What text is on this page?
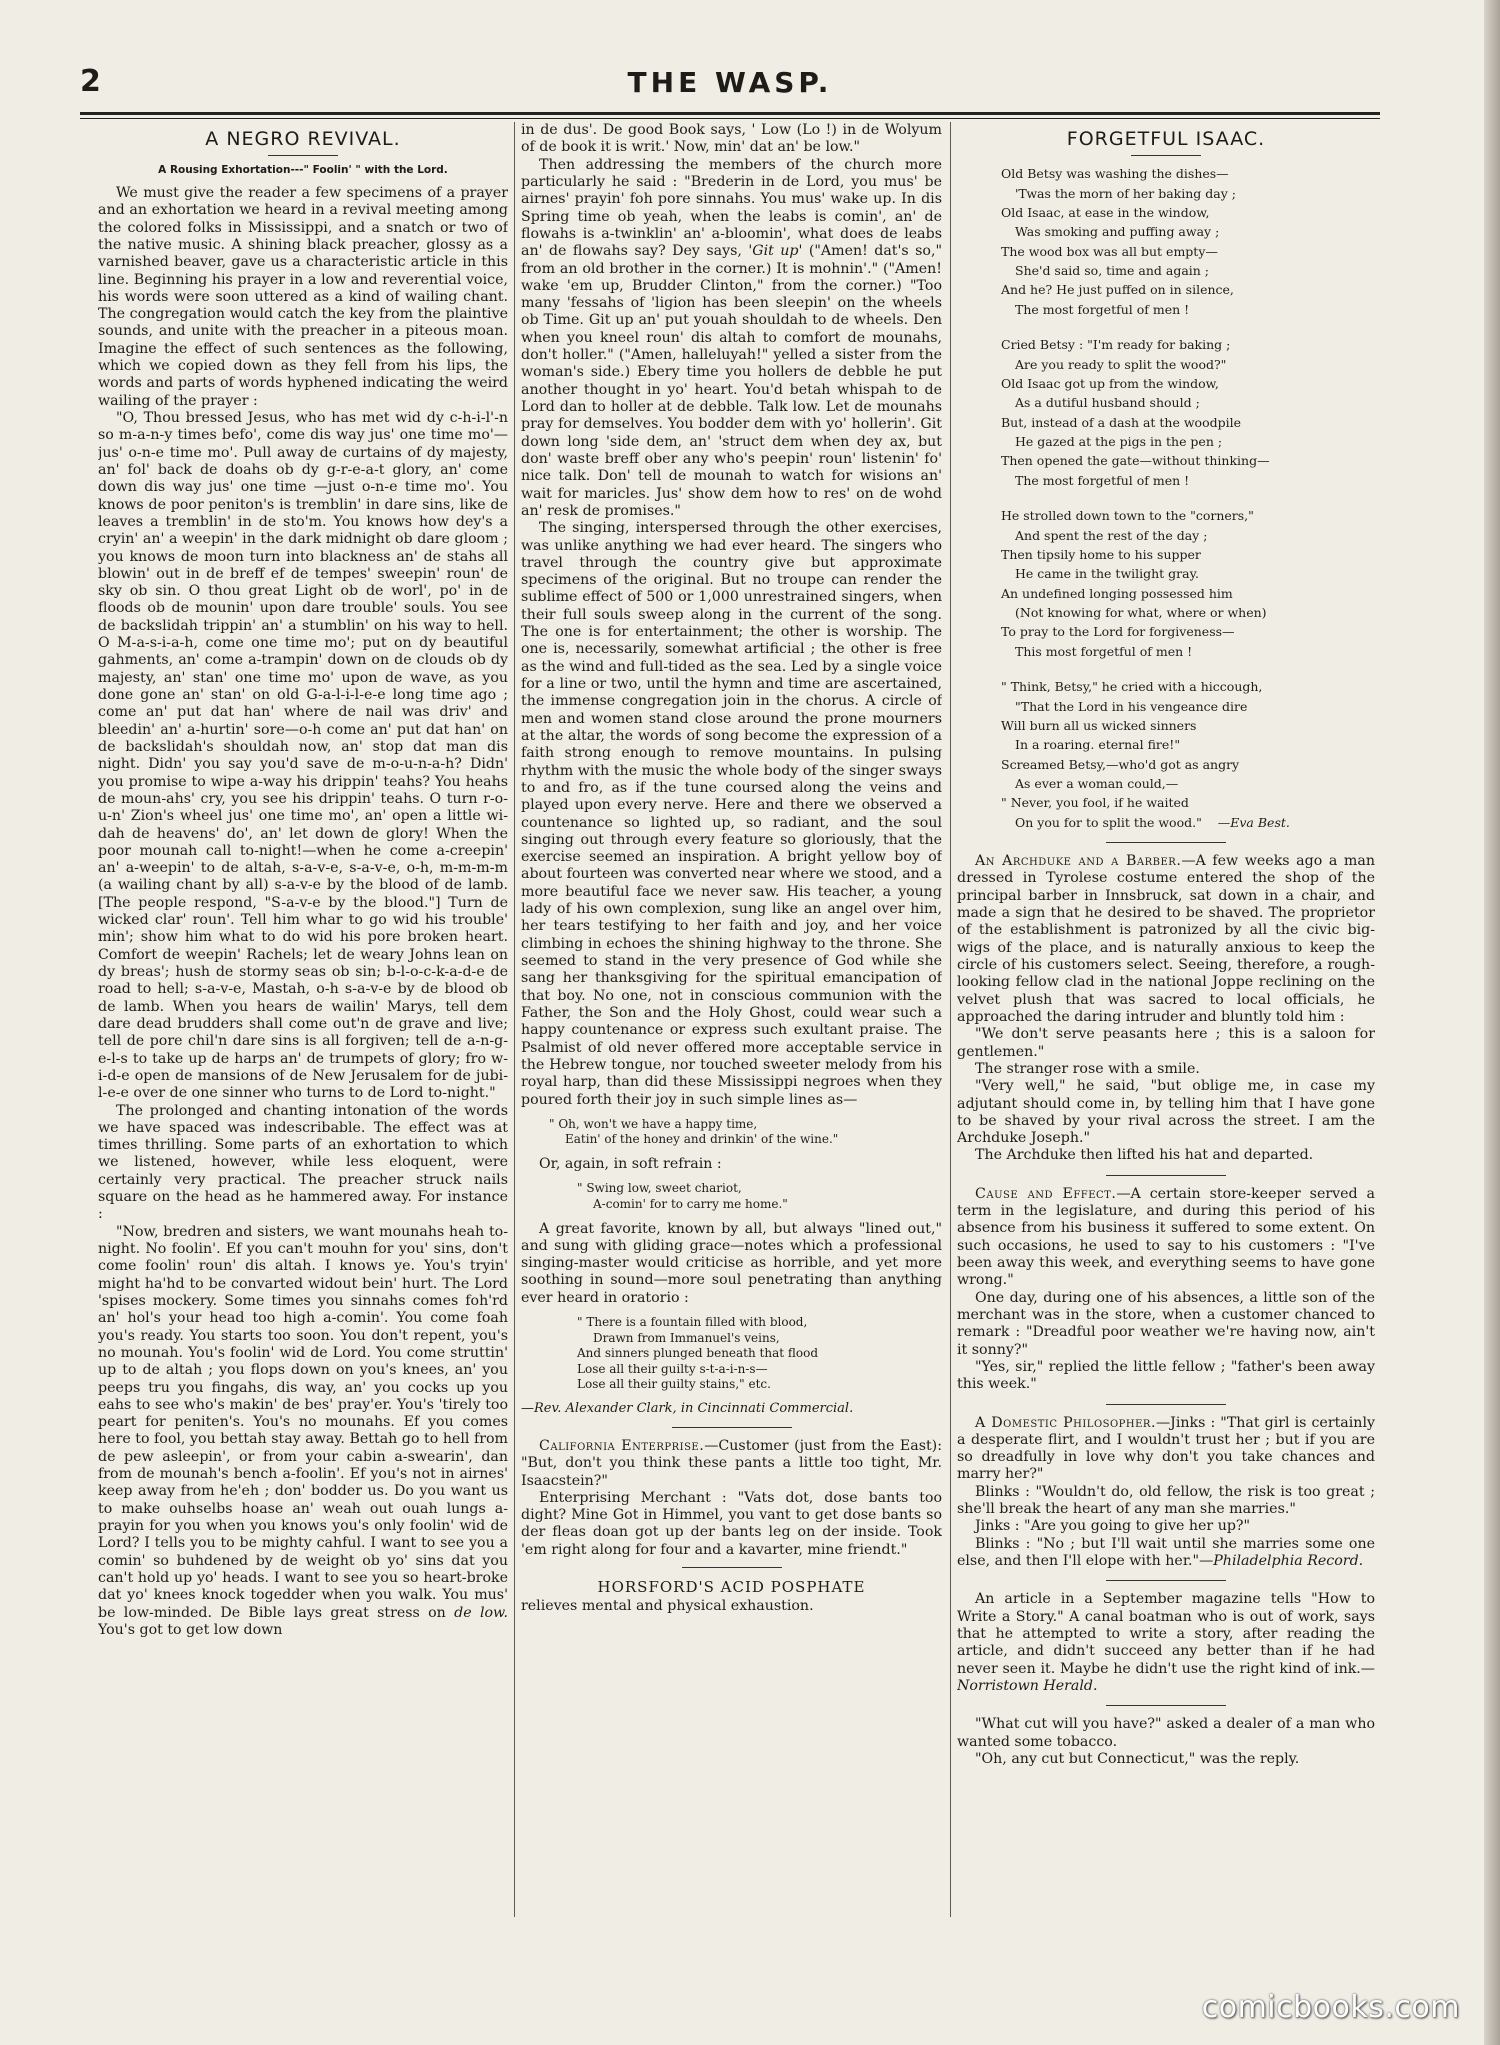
2	THE WASP.
A NEGRO REVIVAL.
A Rousing Exhortation---" Foolin' " with the Lord.

We must give the reader a few specimens of a prayer and an exhortation we heard in a revival meeting among the colored folks in Mississippi, and a snatch or two of the native music. A shining black preacher, glossy as a varnished beaver, gave us a characteristic article in this line. Beginning his prayer in a low and reverential voice, his words were soon uttered as a kind of wailing chant. The congregation would catch the key from the plaintive sounds, and unite with the preacher in a piteous moan. Imagine the effect of such sentences as the following, which we copied down as they fell from his lips, the words and parts of words hyphened indicating the weird wailing of the prayer :

"O, Thou bressed Jesus, who has met wid dy c-h-i-l'-n so m-a-n-y times befo', come dis way jus' one time mo'—jus' o-n-e time mo'. Pull away de curtains of dy majesty, an' fol' back de doahs ob dy g-r-e-a-t glory, an' come down dis way jus' one time —just o-n-e time mo'. You knows de poor peniton's is tremblin' in dare sins, like de leaves a tremblin' in de sto'm. You knows how dey's a cryin' an' a weepin' in the dark midnight ob dare gloom ; you knows de moon turn into blackness an' de stahs all blowin' out in de breff ef de tempes' sweepin' roun' de sky ob sin. O thou great Light ob de worl', po' in de floods ob de mounin' upon dare trouble' souls. You see de backslidah trippin' an' a stumblin' on his way to hell. O M-a-s-i-a-h, come one time mo'; put on dy beautiful gahments, an' come a-trampin' down on de clouds ob dy majesty, an' stan' one time mo' upon de wave, as you done gone an' stan' on old G-a-l-i-l-e-e long time ago ; come an' put dat han' where de nail was driv' and bleedin' an' a-hurtin' sore—o-h come an' put dat han' on de backslidah's shouldah now, an' stop dat man dis night. Didn' you say you'd save de m-o-u-n-a-h? Didn' you promise to wipe a-way his drippin' teahs? You heahs de moun-ahs' cry, you see his drippin' teahs. O turn r-o-u-n' Zion's wheel jus' one time mo', an' open a little wi-dah de heavens' do', an' let down de glory! When the poor mounah call to-night!—when he come a-creepin' an' a-weepin' to de altah, s-a-v-e, s-a-v-e, o-h, m-m-m-m (a wailing chant by all) s-a-v-e by the blood of de lamb. [The people respond, "S-a-v-e by the blood."] Turn de wicked clar' roun'. Tell him whar to go wid his trouble' min'; show him what to do wid his pore broken heart. Comfort de weepin' Rachels; let de weary Johns lean on dy breas'; hush de stormy seas ob sin; b-l-o-c-k-a-d-e de road to hell; s-a-v-e, Mastah, o-h s-a-v-e by de blood ob de lamb. When you hears de wailin' Marys, tell dem dare dead brudders shall come out'n de grave and live; tell de pore chil'n dare sins is all forgiven; tell de a-n-g-e-l-s to take up de harps an' de trumpets of glory; fro w-i-d-e open de mansions of de New Jerusalem for de jubi-l-e-e over de one sinner who turns to de Lord to-night."

The prolonged and chanting intonation of the words we have spaced was indescribable. The effect was at times thrilling. Some parts of an exhortation to which we listened, however, while less eloquent, were certainly very practical. The preacher struck nails square on the head as he hammered away. For instance :

"Now, bredren and sisters, we want mounahs heah to-night. No foolin'. Ef you can't mouhn for you' sins, don't come foolin' roun' dis altah. I knows ye. You's tryin' might ha'hd to be convarted widout bein' hurt. The Lord 'spises mockery. Some times you sinnahs comes foh'rd an' hol's your head too high a-comin'. You come foah you's ready. You starts too soon. You don't repent, you's no mounah. You's foolin' wid de Lord. You come struttin' up to de altah ; you flops down on you's knees, an' you peeps tru you fingahs, dis way, an' you cocks up you eahs to see who's makin' de bes' pray'er. You's 'tirely too peart for peniten's. You's no mounahs. Ef you comes here to fool, you bettah stay away. Bettah go to hell from de pew asleepin', or from your cabin a-swearin', dan from de mounah's bench a-foolin'. Ef you's not in airnes' keep away from he'eh ; don' bodder us. Do you want us to make ouhselbs hoase an' weah out ouah lungs a-prayin for you when you knows you's only foolin' wid de Lord? I tells you to be mighty cahful. I want to see you a comin' so buhdened by de weight ob yo' sins dat you can't hold up yo' heads. I want to see you so heart-broke dat yo' knees knock togedder when you walk. You mus' be low-minded. De Bible lays great stress on de low. You's got to get low down

in de dus'. De good Book says, ' Low (Lo !) in de Wolyum of de book it is writ.' Now, min' dat an' be low."

Then addressing the members of the church more particularly he said : "Brederin in de Lord, you mus' be airnes' prayin' foh pore sinnahs. You mus' wake up. In dis Spring time ob yeah, when the leabs is comin', an' de flowahs is a-twinklin' an' a-bloomin', what does de leabs an' de flowahs say? Dey says, 'Git up' ("Amen! dat's so," from an old brother in the corner.) It is mohnin'." ("Amen! wake 'em up, Brudder Clinton," from the corner.) "Too many 'fessahs of 'ligion has been sleepin' on the wheels ob Time. Git up an' put youah shouldah to de wheels. Den when you kneel roun' dis altah to comfort de mounahs, don't holler." ("Amen, halleluyah!" yelled a sister from the woman's side.) Ebery time you hollers de debble he put another thought in yo' heart. You'd betah whispah to de Lord dan to holler at de debble. Talk low. Let de mounahs pray for demselves. You bodder dem with yo' hollerin'. Git down long 'side dem, an' 'struct dem when dey ax, but don' waste breff ober any who's peepin' roun' listenin' fo' nice talk. Don' tell de mounah to watch for wisions an' wait for maricles. Jus' show dem how to res' on de wohd an' resk de promises."

The singing, interspersed through the other exercises, was unlike anything we had ever heard. The singers who travel through the country give but approximate specimens of the original. But no troupe can render the sublime effect of 500 or 1,000 unrestrained singers, when their full souls sweep along in the current of the song. The one is for entertainment; the other is worship. The one is, necessarily, somewhat artificial ; the other is free as the wind and full-tided as the sea. Led by a single voice for a line or two, until the hymn and time are ascertained, the immense congregation join in the chorus. A circle of men and women stand close around the prone mourners at the altar, the words of song become the expression of a faith strong enough to remove mountains. In pulsing rhythm with the music the whole body of the singer sways to and fro, as if the tune coursed along the veins and played upon every nerve. Here and there we observed a countenance so lighted up, so radiant, and the soul singing out through every feature so gloriously, that the exercise seemed an inspiration. A bright yellow boy of about fourteen was converted near where we stood, and a more beautiful face we never saw. His teacher, a young lady of his own complexion, sung like an angel over him, her tears testifying to her faith and joy, and her voice climbing in echoes the shining highway to the throne. She seemed to stand in the very presence of God while she sang her thanksgiving for the spiritual emancipation of that boy. No one, not in conscious communion with the Father, the Son and the Holy Ghost, could wear such a happy countenance or express such exultant praise. The Psalmist of old never offered more acceptable service in the Hebrew tongue, nor touched sweeter melody from his royal harp, than did these Mississippi negroes when they poured forth their joy in such simple lines as—

" Oh, won't we have a happy time,
Eatin' of the honey and drinkin' of the wine."

Or, again, in soft refrain :

" Swing low, sweet chariot,
A-comin' for to carry me home."

A great favorite, known by all, but always "lined out," and sung with gliding grace—notes which a professional singing-master would criticise as horrible, and yet more soothing in sound—more soul penetrating than anything ever heard in oratorio :

" There is a fountain filled with blood,
Drawn from Immanuel's veins,
And sinners plunged beneath that flood
Lose all their guilty s-t-a-i-n-s—
Lose all their guilty stains," etc.
—Rev. Alexander Clark, in Cincinnati Commercial.

California Enterprise.—Customer (just from the East): "But, don't you think these pants a little too tight, Mr. Isaacstein?"

Enterprising Merchant : "Vats dot, dose bants too dight? Mine Got in Himmel, you vant to get dose bants so der fleas doan got up der bants leg on der inside. Took 'em right along for four and a kavarter, mine friendt."

HORSFORD'S ACID POSPHATE
relieves mental and physical exhaustion.
FORGETFUL ISAAC.
Old Betsy was washing the dishes—
'Twas the morn of her baking day ;
Old Isaac, at ease in the window,
Was smoking and puffing away ;
The wood box was all but empty—
She'd said so, time and again ;
And he? He just puffed on in silence,
The most forgetful of men !
Cried Betsy : "I'm ready for baking ;
Are you ready to split the wood?"
Old Isaac got up from the window,
As a dutiful husband should ;
But, instead of a dash at the woodpile
He gazed at the pigs in the pen ;
Then opened the gate—without thinking—
The most forgetful of men !
He strolled down town to the "corners,"
And spent the rest of the day ;
Then tipsily home to his supper
He came in the twilight gray.
An undefined longing possessed him
(Not knowing for what, where or when)
To pray to the Lord for forgiveness—
This most forgetful of men !
" Think, Betsy," he cried with a hiccough,
"That the Lord in his vengeance dire
Will burn all us wicked sinners
In a roaring. eternal fire!"
Screamed Betsy,—who'd got as angry
As ever a woman could,—
" Never, you fool, if he waited
On you for to split the wood." —Eva Best.

An Archduke and a Barber.—A few weeks ago a man dressed in Tyrolese costume entered the shop of the principal barber in Innsbruck, sat down in a chair, and made a sign that he desired to be shaved. The proprietor of the establishment is patronized by all the civic big-wigs of the place, and is naturally anxious to keep the circle of his customers select. Seeing, therefore, a rough-looking fellow clad in the national Joppe reclining on the velvet plush that was sacred to local officials, he approached the daring intruder and bluntly told him :

"We don't serve peasants here ; this is a saloon for gentlemen."

The stranger rose with a smile.

"Very well," he said, "but oblige me, in case my adjutant should come in, by telling him that I have gone to be shaved by your rival across the street. I am the Archduke Joseph."

The Archduke then lifted his hat and departed.

Cause and Effect.—A certain store-keeper served a term in the legislature, and during this period of his absence from his business it suffered to some extent. On such occasions, he used to say to his customers : "I've been away this week, and everything seems to have gone wrong."

One day, during one of his absences, a little son of the merchant was in the store, when a customer chanced to remark : "Dreadful poor weather we're having now, ain't it sonny?"

"Yes, sir," replied the little fellow ; "father's been away this week."

A Domestic Philosopher.—Jinks : "That girl is certainly a desperate flirt, and I wouldn't trust her ; but if you are so dreadfully in love why don't you take chances and marry her?"

Blinks : "Wouldn't do, old fellow, the risk is too great ; she'll break the heart of any man she marries."

Jinks : "Are you going to give her up?"

Blinks : "No ; but I'll wait until she marries some one else, and then I'll elope with her."—Philadelphia Record.

An article in a September magazine tells "How to Write a Story." A canal boatman who is out of work, says that he attempted to write a story, after reading the article, and didn't succeed any better than if he had never seen it. Maybe he didn't use the right kind of ink.—Norristown Herald.

"What cut will you have?" asked a dealer of a man who wanted some tobacco.

"Oh, any cut but Connecticut," was the reply.

comicbooks.com
